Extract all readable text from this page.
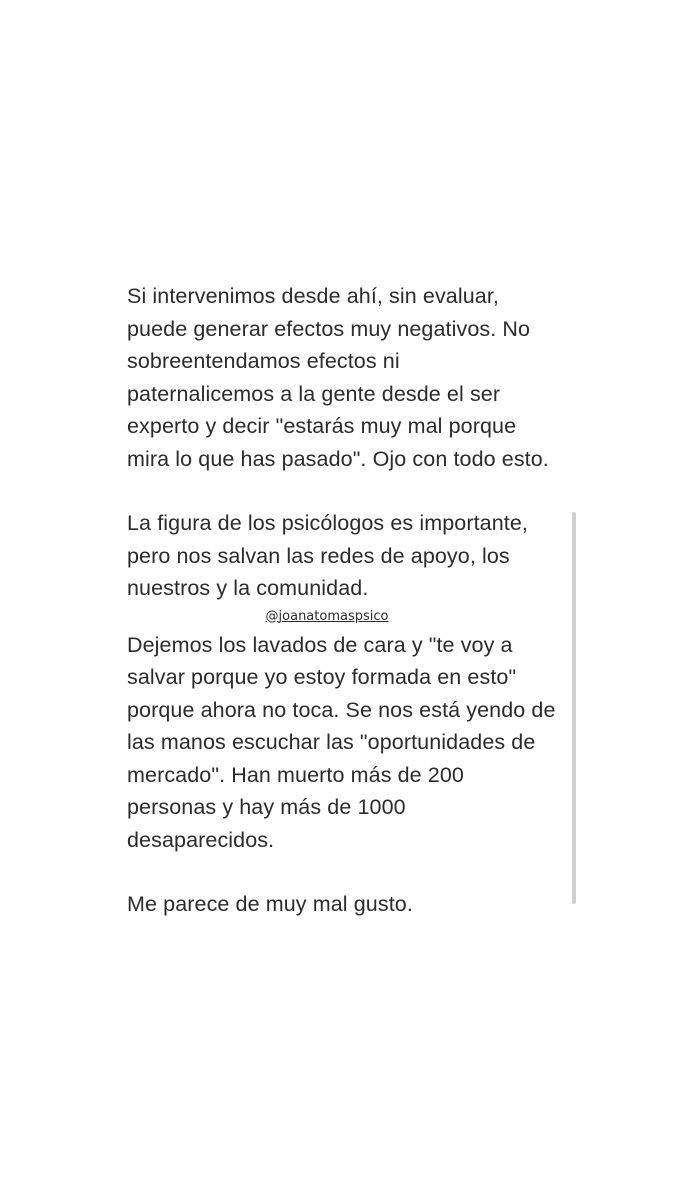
Si intervenimos desde ahí, sin evaluar,
puede generar efectos muy negativos. No
sobreentendamos efectos ni
paternalicemos a la gente desde el ser
experto y decir "estarás muy mal porque
mira lo que has pasado". Ojo con todo esto.

La figura de los psicólogos es importante,
pero nos salvan las redes de apoyo, los
nuestros y la comunidad.

@joanatomaspsico

Dejemos los lavados de cara y "te voy a
salvar porque yo estoy formada en esto"
porque ahora no toca. Se nos está yendo de
las manos escuchar las "oportunidades de
mercado". Han muerto más de 200
personas y hay más de 1000
desaparecidos.

Me parece de muy mal gusto.
